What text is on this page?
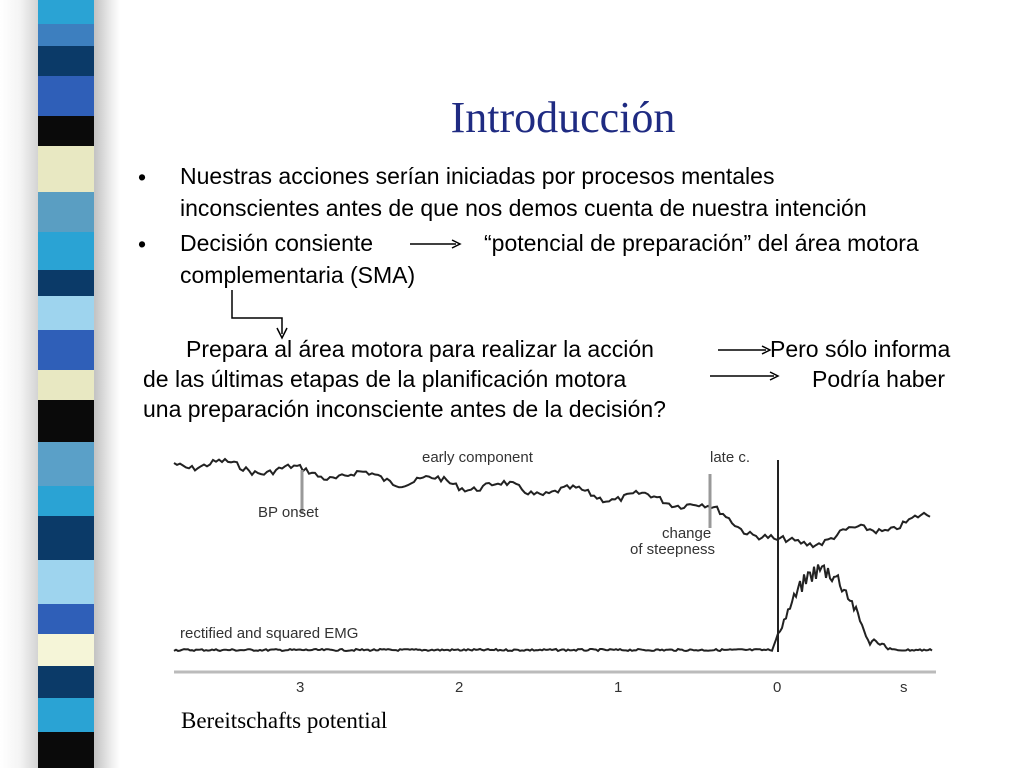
Introducción
• Nuestras acciones serían iniciadas por procesos mentales
inconscientes antes de que nos demos cuenta de nuestra intención
• Decisión consiente	“potencial de preparación” del área motora
complementaria (SMA)
Prepara al área motora para realizar la acción	Pero sólo informa
de las últimas etapas de la planificación motora	Podría haber
una preparación inconsciente antes de la decisión?
early component	late c.
BP onset
change
of steepness
rectified and squared EMG
3	2	1	0	s
Bereitschafts potential
